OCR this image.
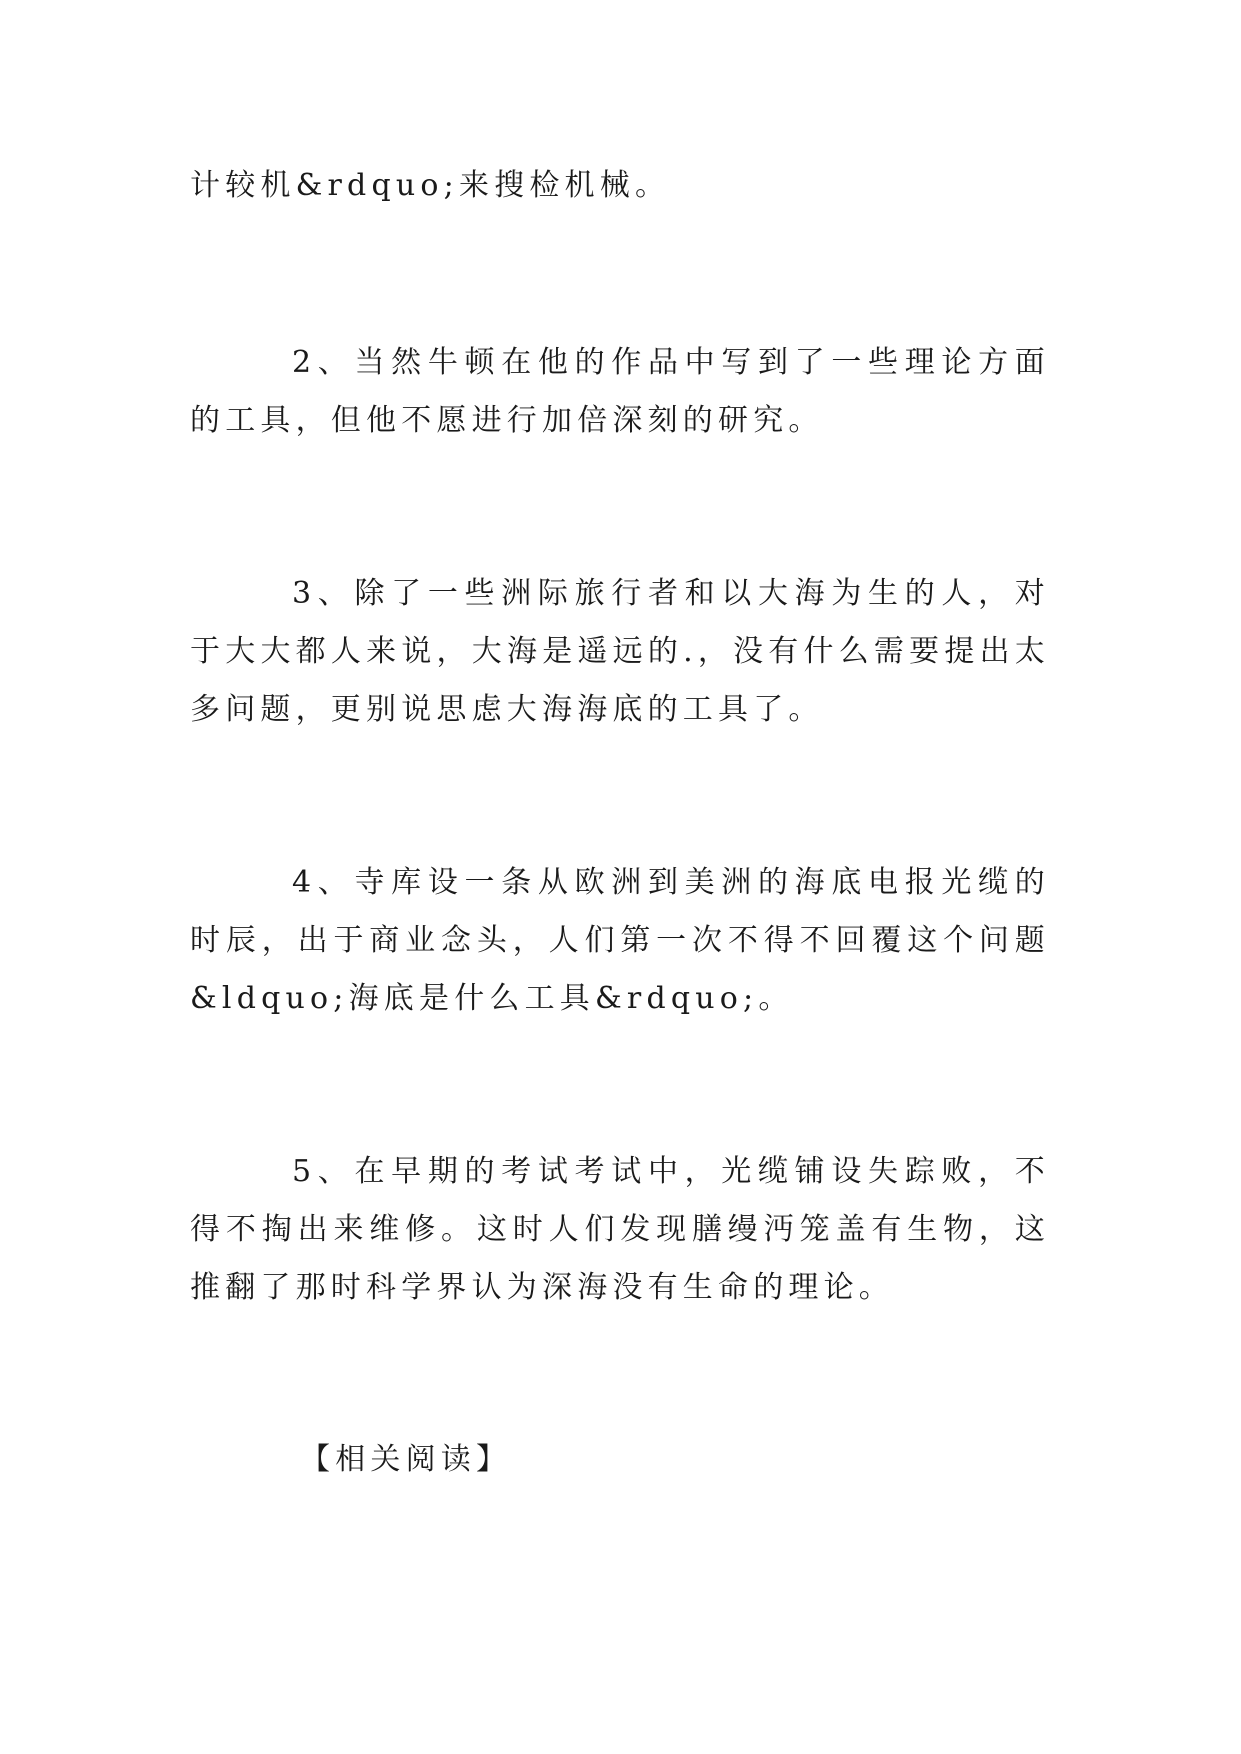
计较机&rdquo;来搜检机械。

2、当然牛顿在他的作品中写到了一些理论方面的工具，但他不愿进行加倍深刻的研究。

3、除了一些洲际旅行者和以大海为生的人，对于大大都人来说，大海是遥远的.，没有什么需要提出太多问题，更别说思虑大海海底的工具了。

4、寺库设一条从欧洲到美洲的海底电报光缆的时辰，出于商业念头，人们第一次不得不回覆这个问题&ldquo;海底是什么工具&rdquo;。

5、在早期的考试考试中，光缆铺设失踪败，不得不掏出来维修。这时人们发现膳缦沔笼盖有生物，这推翻了那时科学界认为深海没有生命的理论。

【相关阅读】
